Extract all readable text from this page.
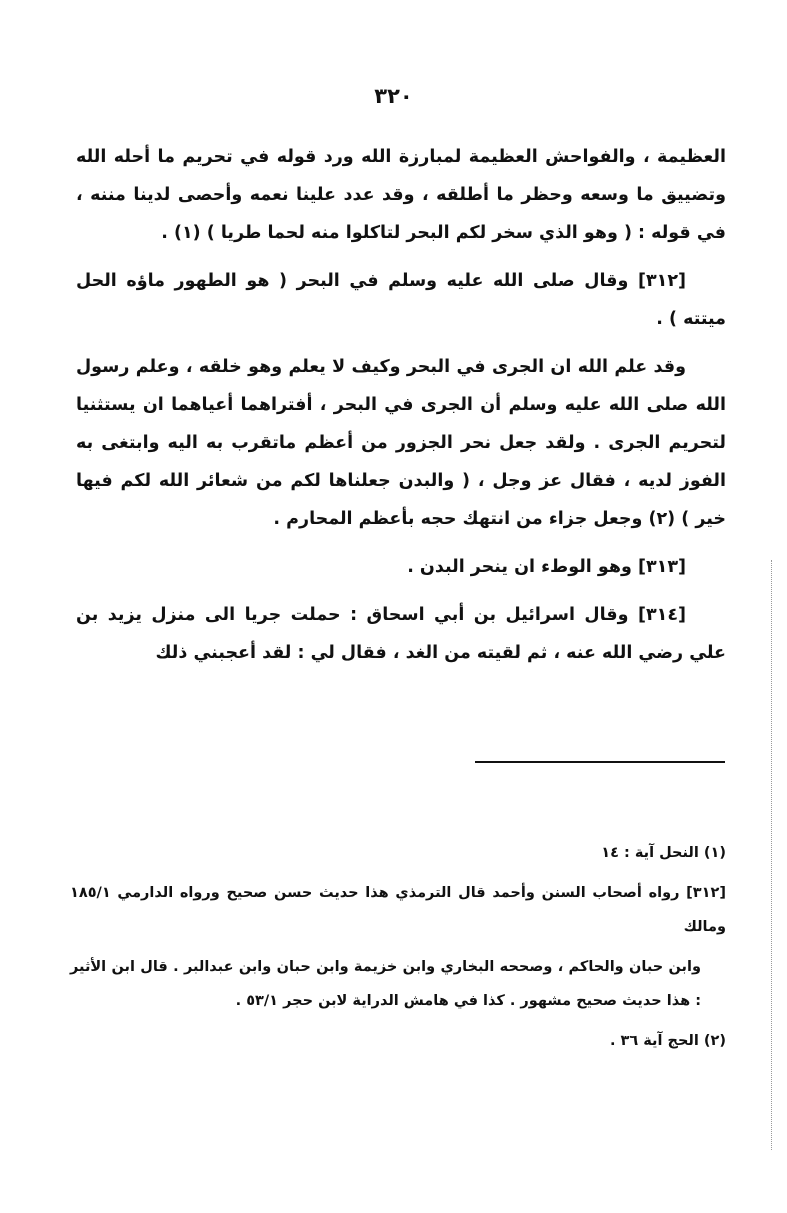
٣٢٠

العظيمة ، والفواحش العظيمة لمبارزة الله ورد قوله في تحريم ما أحله الله وتضييق ما وسعه وحظر ما أطلقه ، وقد عدد علينا نعمه وأحصى لدينا مننه ، في قوله : ( وهو الذي سخر لكم البحر لتاكلوا منه لحما طريا ) (١) .

[٣١٢] وقال صلى الله عليه وسلم في البحر ( هو الطهور ماؤه الحل ميتته ) .

وقد علم الله ان الجرى في البحر وكيف لا يعلم وهو خلقه ، وعلم رسول الله صلى الله عليه وسلم أن الجرى في البحر ، أفتراهما أعياهما ان يستثنيا لتحريم الجرى . ولقد جعل نحر الجزور من أعظم ماتقرب به اليه وابتغى به الفوز لديه ، فقال عز وجل ، ( والبدن جعلناها لكم من شعائر الله لكم فيها خير ) (٢) وجعل جزاء من انتهك حجه بأعظم المحارم .

[٣١٣] وهو الوطء ان ينحر البدن .

[٣١٤] وقال اسرائيل بن أبي اسحاق : حملت جريا الى منزل يزيد بن علي رضي الله عنه ، ثم لقيته من الغد ، فقال لي : لقد أعجبني ذلك

(١) النحل آية : ١٤

[٣١٢] رواه أصحاب السنن وأحمد قال الترمذي هذا حديث حسن صحيح ورواه الدارمي ١٨٥/١ ومالك

وابن حبان والحاكم ، وصححه البخاري وابن خزيمة وابن حبان وابن عبدالبر . قال ابن الأثير : هذا حديث صحيح مشهور . كذا في هامش الدراية لابن حجر ٥٣/١ .

(٢) الحج آية ٣٦ .
